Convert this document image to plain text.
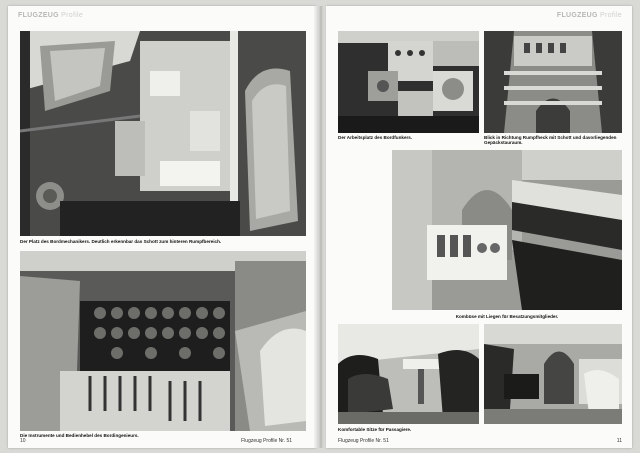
FLUGZEUG Profile
Der Platz des Bordmechanikers. Deutlich erkennbar das Schott zum hinteren Rumpfbereich.
Die Instrumente und Bedienhebel des Bordingenieurs.
10	Flugzeug Profile Nr. 51
FLUGZEUG Profile
Der Arbeitsplatz des Bordfunkers.	Blick in Richtung Rumpfheck mit Schott und davorliegenden Gepäckstauraum.
Kombüse mit Liegen für Besatzungsmitglieder.
Komfortable Sitze für Passagiere.
Flugzeug Profile Nr. 51	11
